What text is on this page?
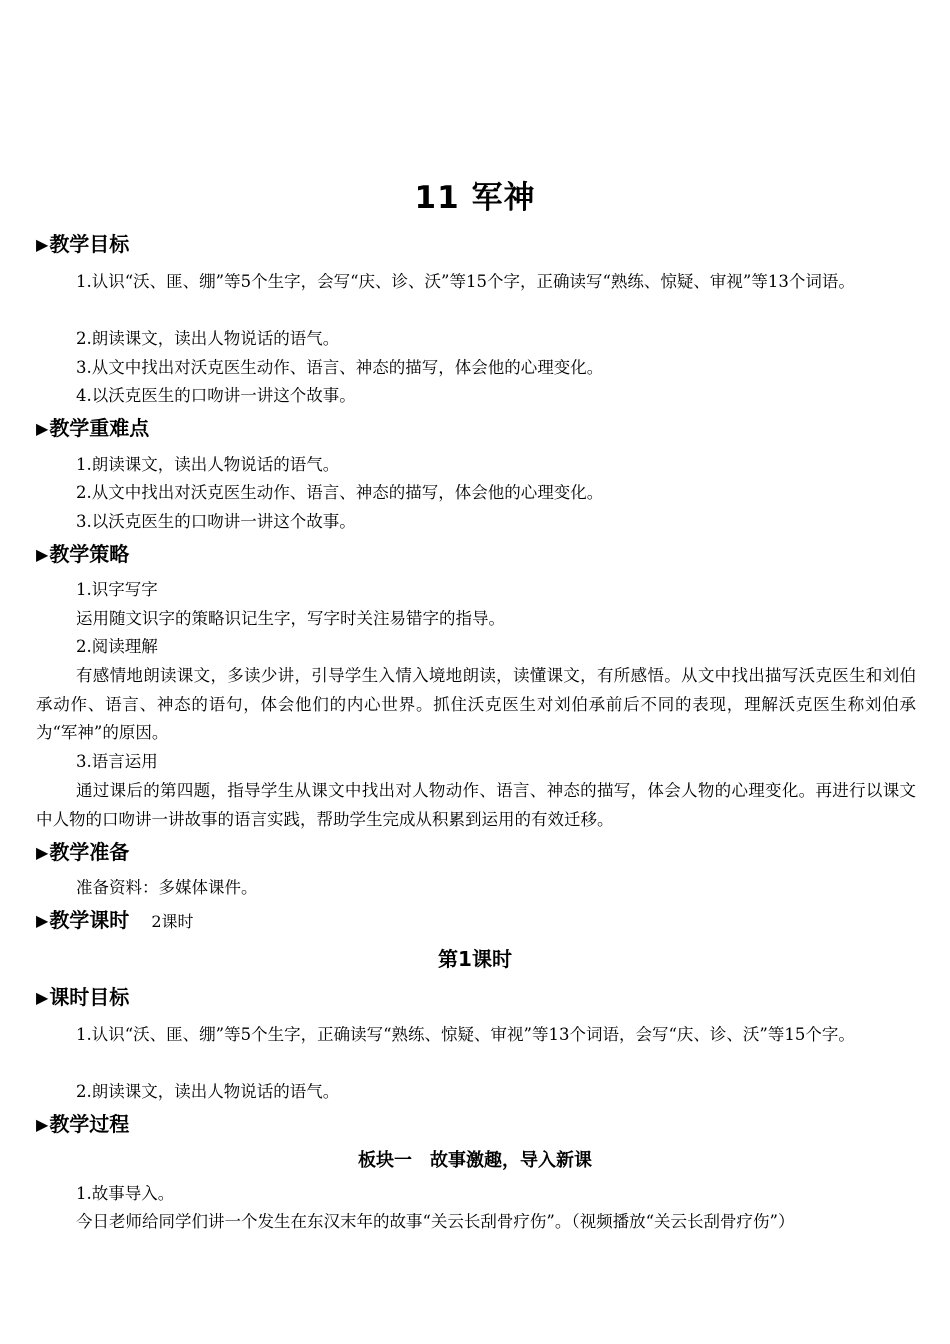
11 军神
▶教学目标
1.认识“沃、匪、绷”等5个生字，会写“庆、诊、沃”等15个字，正确读写“熟练、惊疑、审视”等13个词语。
2.朗读课文，读出人物说话的语气。
3.从文中找出对沃克医生动作、语言、神态的描写，体会他的心理变化。
4.以沃克医生的口吻讲一讲这个故事。
▶教学重难点
1.朗读课文，读出人物说话的语气。
2.从文中找出对沃克医生动作、语言、神态的描写，体会他的心理变化。
3.以沃克医生的口吻讲一讲这个故事。
▶教学策略
1.识字写字
运用随文识字的策略识记生字，写字时关注易错字的指导。
2.阅读理解
有感情地朗读课文，多读少讲，引导学生入情入境地朗读，读懂课文，有所感悟。从文中找出描写沃克医生和刘伯承动作、语言、神态的语句，体会他们的内心世界。抓住沃克医生对刘伯承前后不同的表现，理解沃克医生称刘伯承为“军神”的原因。
3.语言运用
通过课后的第四题，指导学生从课文中找出对人物动作、语言、神态的描写，体会人物的心理变化。再进行以课文中人物的口吻讲一讲故事的语言实践，帮助学生完成从积累到运用的有效迁移。
▶教学准备
准备资料：多媒体课件。
▶教学课时 2课时
第1课时
▶课时目标
1.认识“沃、匪、绷”等5个生字，正确读写“熟练、惊疑、审视”等13个词语，会写“庆、诊、沃”等15个字。
2.朗读课文，读出人物说话的语气。
▶教学过程
板块一　故事激趣，导入新课
1.故事导入。
今日老师给同学们讲一个发生在东汉末年的故事“关云长刮骨疗伤”。（视频播放“关云长刮骨疗伤”）
